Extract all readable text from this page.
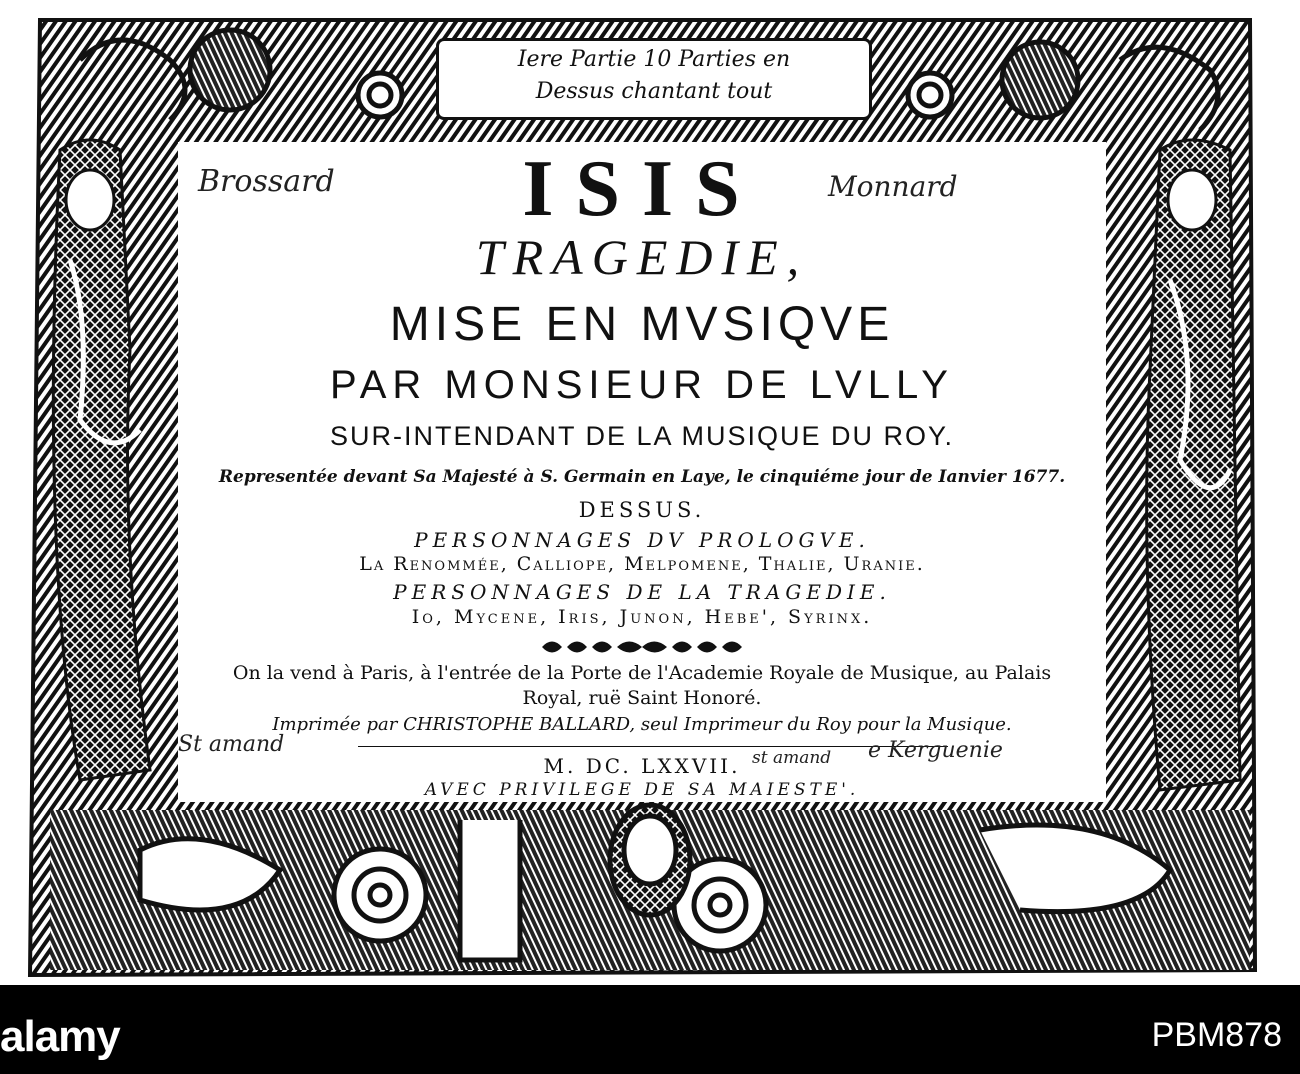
Iere Partie 10 Parties en
Dessus chantant tout
Brossard	Monnard
ISIS
TRAGEDIE,
MISE EN MVSIQVE
PAR MONSIEUR DE LVLLY
SUR-INTENDANT DE LA MUSIQUE DU ROY.
Representée devant Sa Majesté à S. Germain en Laye, le cinquiéme jour de Ianvier 1677.
DESSUS.
PERSONNAGES DV PROLOGVE.
La Renommée, Calliope, Melpomene, Thalie, Uranie.
PERSONNAGES DE LA TRAGEDIE.
Io, Mycene, Iris, Junon, Hebe', Syrinx.
On la vend à Paris, à l'entrée de la Porte de l'Academie Royale de Musique, au Palais
Royal, ruë Saint Honoré.
Imprimée par CHRISTOPHE BALLARD, seul Imprimeur du Roy pour la Musique.
M. DC. LXXVII.
AVEC PRIVILEGE DE SA MAIESTE'.
St amand
st amand e Kerguenie
alamy	PBM878
